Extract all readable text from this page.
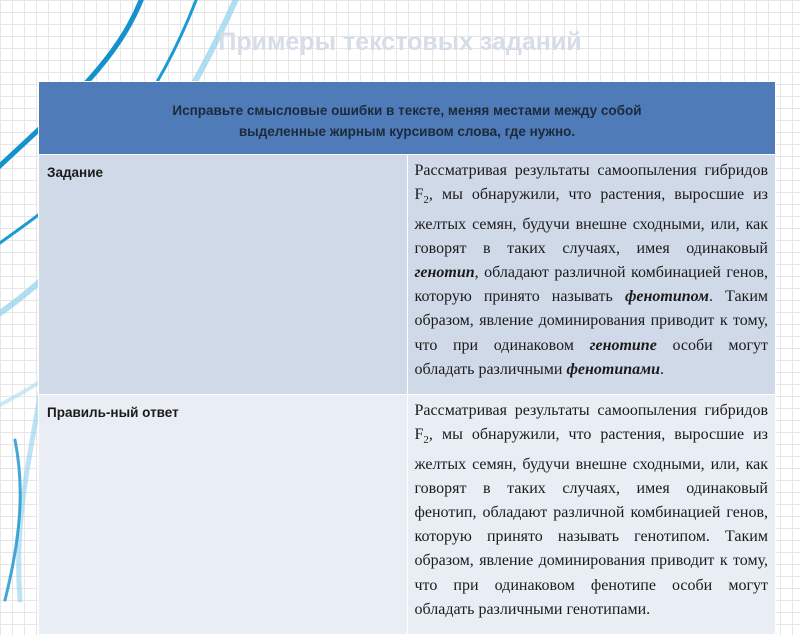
Примеры текстовых заданий
Исправьте смысловые ошибки в тексте, меняя местами между собой выделенные жирным курсивом слова, где нужно.	
Задание	Рассматривая результаты самоопыления гибридов $F_2$, мы обнаружили, что растения, выросшие из желтых семян, будучи внешне сходными, или, как говорят в таких случаях, имея одинаковый генотип, обладают различной комбинацией генов, которую принято называть фенотипом. Таким образом, явление доминирования приводит к тому, что при одинаковом генотипе особи могут обладать различными фенотипами.
Правиль-ный ответ	Рассматривая результаты самоопыления гибридов $F_2$, мы обнаружили, что растения, выросшие из желтых семян, будучи внешне сходными, или, как говорят в таких случаях, имея одинаковый фенотип, обладают различной комбинацией генов, которую принято называть генотипом. Таким образом, явление доминирования приводит к тому, что при одинаковом фенотипе особи могут обладать различными генотипами.
